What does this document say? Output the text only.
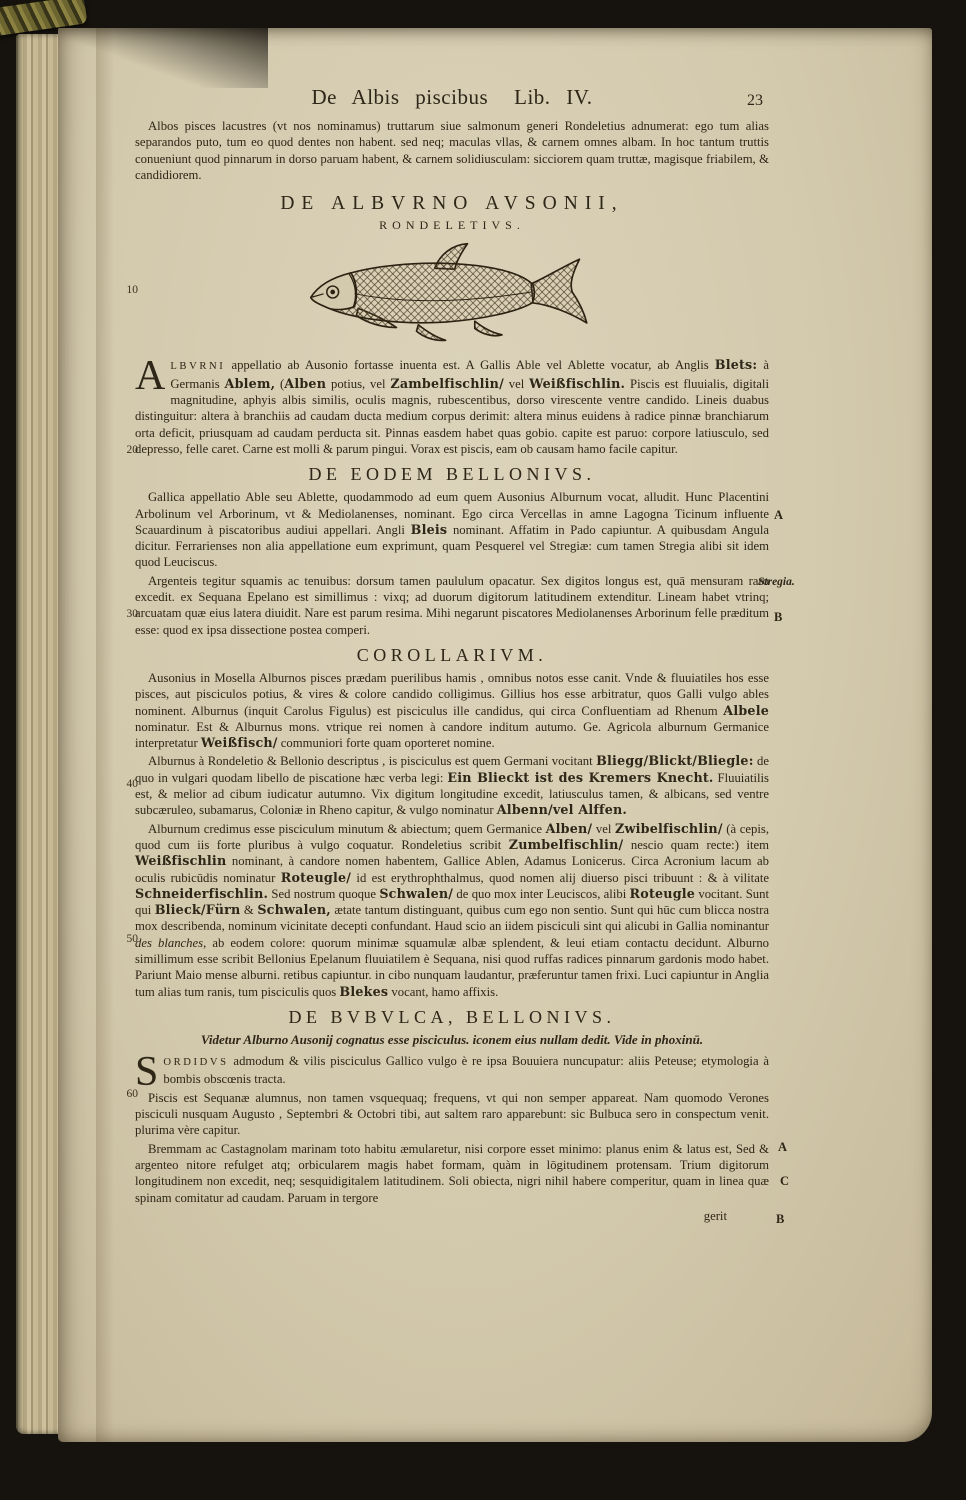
De Albis piscibus Lib. IV.	23

Albos pisces lacustres (vt nos nominamus) truttarum siue salmonum generi Rondeletius adnumerat: ego tum alias separandos puto, tum eo quod dentes non habent. sed neq; maculas vllas, & carnem omnes albam. In hoc tantum truttis conueniunt quod pinnarum in dorso paruam habent, & carnem solidiusculam: sicciorem quam truttæ, magisque friabilem, & candidiorem.

DE ALBVRNO AVSONII,
RONDELETIVS.

ALBVRNI appellatio ab Ausonio fortasse inuenta est. A Gallis Able vel Ablette vocatur, ab Anglis Blets: à Germanis Ablem, (Alben potius, vel Zambelfischlin/ vel Weißfischlin. Piscis est fluuialis, digitali magnitudine, aphyis albis similis, oculis magnis, rubescentibus, dorso virescente ventre candido. Lineis duabus distinguitur: altera à branchiis ad caudam ducta medium corpus derimit: altera minus euidens à radice pinnæ branchiarum orta deficit, priusquam ad caudam perducta sit. Pinnas easdem habet quas gobio. capite est paruo: corpore latiusculo, sed depresso, felle caret. Carne est molli & parum pingui. Vorax est piscis, eam ob causam hamo facile capitur.

DE EODEM BELLONIVS.

Gallica appellatio Able seu Ablette, quodammodo ad eum quem Ausonius Alburnum vocat, alludit. Hunc Placentini Arbolinum vel Arborinum, vt & Mediolanenses, nominant. Ego circa Vercellas in amne Lagogna Ticinum influente Scauardinum à piscatoribus audiui appellari. Angli Bleis nominant. Affatim in Pado capiuntur. A quibusdam Angula dicitur. Ferrarienses non alia appellatione eum exprimunt, quam Pesquerel vel Stregiæ: cum tamen Stregia alibi sit idem quod Leuciscus.

Argenteis tegitur squamis ac tenuibus: dorsum tamen paululum opacatur. Sex digitos longus est, quā mensuram raro excedit. ex Sequana Epelano est simillimus : vixq; ad duorum digitorum latitudinem extenditur. Lineam habet vtrinq; arcuatam quæ eius latera diuidit. Nare est parum resima. Mihi negarunt piscatores Mediolanenses Arborinum felle præditum esse: quod ex ipsa dissectione postea comperi.

COROLLARIVM.

Ausonius in Mosella Alburnos pisces prædam puerilibus hamis , omnibus notos esse canit. Vnde & fluuiatiles hos esse pisces, aut pisciculos potius, & vires & colore candido colligimus. Gillius hos esse arbitratur, quos Galli vulgo ables nominent. Alburnus (inquit Carolus Figulus) est pisciculus ille candidus, qui circa Confluentiam ad Rhenum Albele nominatur. Est & Alburnus mons. vtrique rei nomen à candore inditum autumo. Ge. Agricola alburnum Germanice interpretatur Weißfisch/ communiori forte quam oporteret nomine.

Alburnus à Rondeletio & Bellonio descriptus , is pisciculus est quem Germani vocitant Bliegg/Blickt/Bliegle: de quo in vulgari quodam libello de piscatione hæc verba legi: Ein Blieckt ist des Kremers Knecht. Fluuiatilis est, & melior ad cibum iudicatur autumno. Vix digitum longitudine excedit, latiusculus tamen, & albicans, sed ventre subcæruleo, subamarus, Coloniæ in Rheno capitur, & vulgo nominatur Albenn/vel Alffen.

Alburnum credimus esse pisciculum minutum & abiectum; quem Germanice Alben/ vel Zwibelfischlin/ (à cepis, quod cum iis forte pluribus à vulgo coquatur. Rondeletius scribit Zumbelfischlin/ nescio quam recte:) item Weißfischlin nominant, à candore nomen habentem, Gallice Ablen, Adamus Lonicerus. Circa Acronium lacum ab oculis rubicūdis nominatur Roteugle/ id est erythrophthalmus, quod nomen alij diuerso pisci tribuunt : & à vilitate Schneiderfischlin. Sed nostrum quoque Schwalen/ de quo mox inter Leuciscos, alibi Roteugle vocitant. Sunt qui Blieck/Fürn & Schwalen, ætate tantum distinguant, quibus cum ego non sentio. Sunt qui hūc cum blicca nostra mox describenda, nominum vicinitate decepti confundant. Haud scio an iidem pisciculi sint qui alicubi in Gallia nominantur des blanches, ab eodem colore: quorum minimæ squamulæ albæ splendent, & leui etiam contactu decidunt. Alburno simillimum esse scribit Bellonius Epelanum fluuiatilem è Sequana, nisi quod ruffas radices pinnarum gardonis modo habet. Pariunt Maio mense alburni. retibus capiuntur. in cibo nunquam laudantur, præferuntur tamen frixi. Luci capiuntur in Anglia tum alias tum ranis, tum pisciculis quos Blekes vocant, hamo affixis.

DE BVBVLCA, BELLONIVS.
Videtur Alburno Ausonij cognatus esse pisciculus. iconem eius nullam dedit. Vide in phoxinū.

SORDIDVS admodum & vilis pisciculus Gallico vulgo è re ipsa Bouuiera nuncupatur: aliis Peteuse; etymologia à bombis obscœnis tracta.

Piscis est Sequanæ alumnus, non tamen vsquequaq; frequens, vt qui non semper appareat. Nam quomodo Verones pisciculi nusquam Augusto , Septembri & Octobri tibi, aut saltem raro apparebunt: sic Bulbuca sero in conspectum venit. plurima vère capitur.

Bremmam ac Castagnolam marinam toto habitu æmularetur, nisi corpore esset minimo: planus enim & latus est, Sed & argenteo nitore refulget atq; orbicularem magis habet formam, quàm in lōgitudinem protensam. Trium digitorum longitudinem non excedit, neq; sesquidigitalem latitudinem. Soli obiecta, nigri nihil habere comperitur, quam in linea quæ spinam comitatur ad caudam. Paruam in tergore

gerit
10
20
30
40
50
60
A
Stregia.
B
A
C
B
